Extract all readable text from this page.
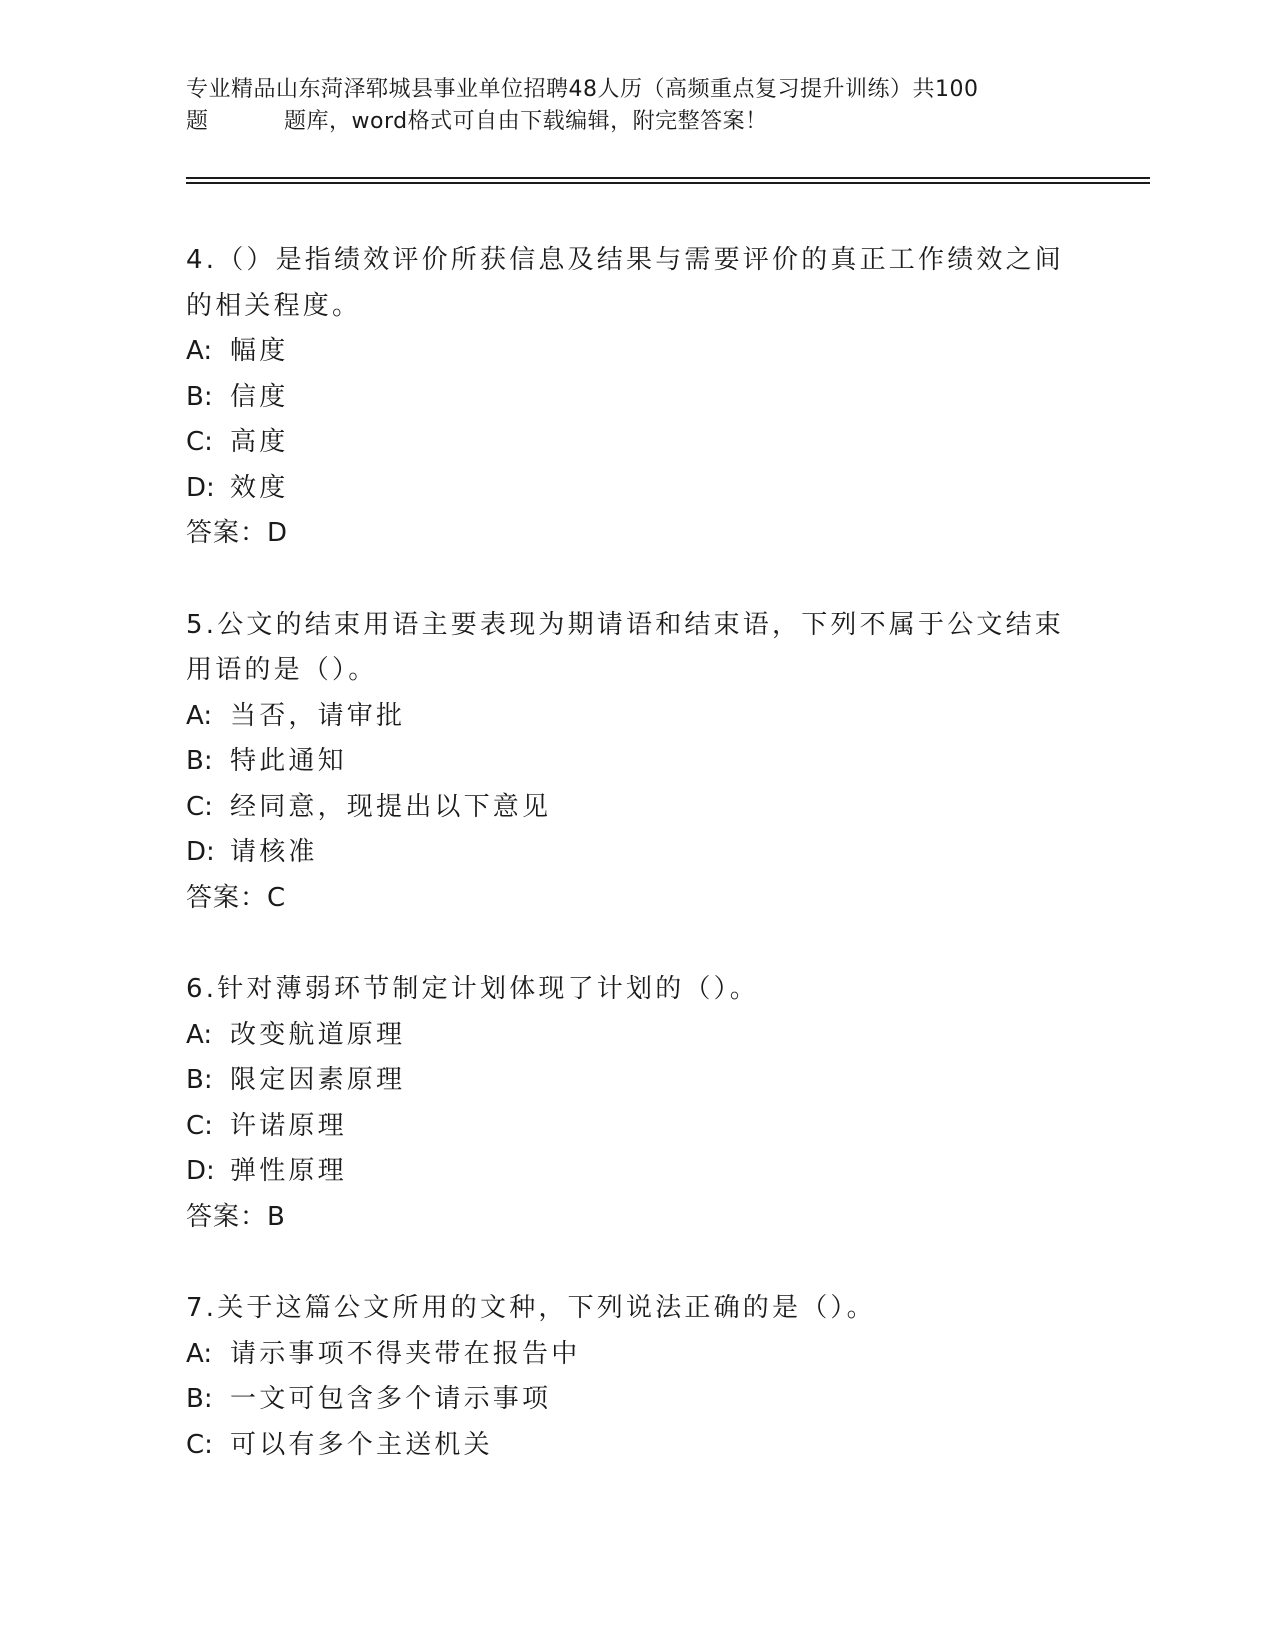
专业精品山东菏泽郓城县事业单位招聘48人历（高频重点复习提升训练）共100
题	题库，word格式可自由下载编辑，附完整答案！
4.（）是指绩效评价所获信息及结果与需要评价的真正工作绩效之间的相关程度。
A: 幅度
B: 信度
C: 高度
D: 效度
答案：D
5.公文的结束用语主要表现为期请语和结束语，下列不属于公文结束用语的是（）。
A: 当否，请审批
B: 特此通知
C: 经同意，现提出以下意见
D: 请核准
答案：C
6.针对薄弱环节制定计划体现了计划的（）。
A: 改变航道原理
B: 限定因素原理
C: 许诺原理
D: 弹性原理
答案：B
7.关于这篇公文所用的文种，下列说法正确的是（）。
A: 请示事项不得夹带在报告中
B: 一文可包含多个请示事项
C: 可以有多个主送机关
